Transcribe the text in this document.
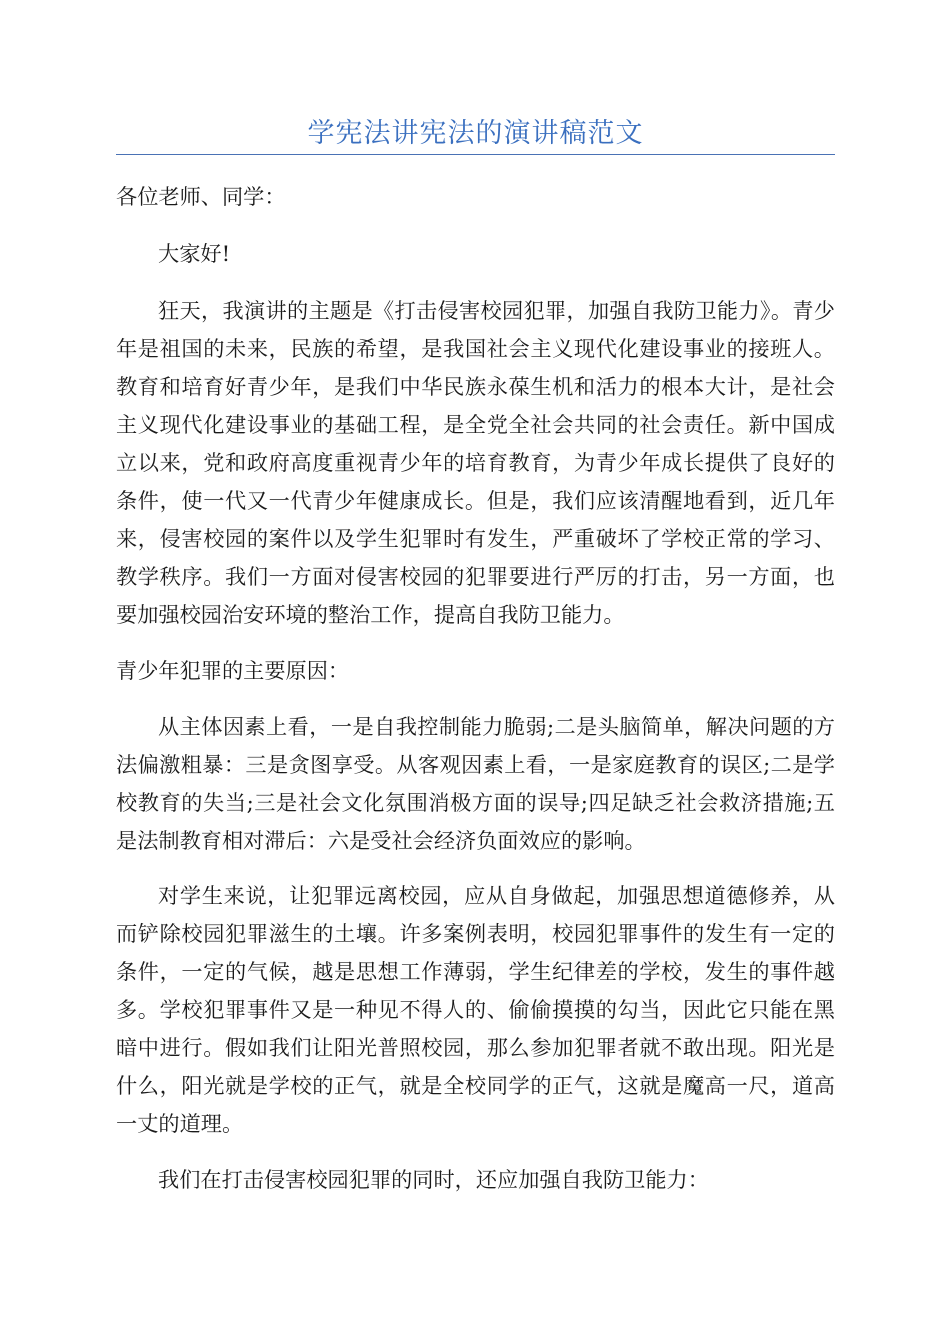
学宪法讲宪法的演讲稿范文

各位老师、同学：

大家好!

狂天，我演讲的主题是《打击侵害校园犯罪，加强自我防卫能力》。青少年是祖国的未来，民族的希望，是我国社会主义现代化建设事业的接班人。教育和培育好青少年，是我们中华民族永葆生机和活力的根本大计，是社会主义现代化建设事业的基础工程，是全党全社会共同的社会责任。新中国成立以来，党和政府高度重视青少年的培育教育，为青少年成长提供了良好的条件，使一代又一代青少年健康成长。但是，我们应该清醒地看到，近几年来，侵害校园的案件以及学生犯罪时有发生，严重破坏了学校正常的学习、教学秩序。我们一方面对侵害校园的犯罪要进行严厉的打击，另一方面，也要加强校园治安环境的整治工作，提高自我防卫能力。

青少年犯罪的主要原因：

从主体因素上看，一是自我控制能力脆弱;二是头脑简单，解决问题的方法偏激粗暴：三是贪图享受。从客观因素上看，一是家庭教育的误区;二是学校教育的失当;三是社会文化氛围消极方面的误导;四足缺乏社会救济措施;五是法制教育相对滞后：六是受社会经济负面效应的影响。

对学生来说，让犯罪远离校园，应从自身做起，加强思想道德修养，从而铲除校园犯罪滋生的土壤。许多案例表明，校园犯罪事件的发生有一定的条件，一定的气候，越是思想工作薄弱，学生纪律差的学校，发生的事件越多。学校犯罪事件又是一种见不得人的、偷偷摸摸的勾当，因此它只能在黑暗中进行。假如我们让阳光普照校园，那么参加犯罪者就不敢出现。阳光是什么，阳光就是学校的正气，就是全校同学的正气，这就是魔高一尺，道高一丈的道理。

我们在打击侵害校园犯罪的同时，还应加强自我防卫能力：
